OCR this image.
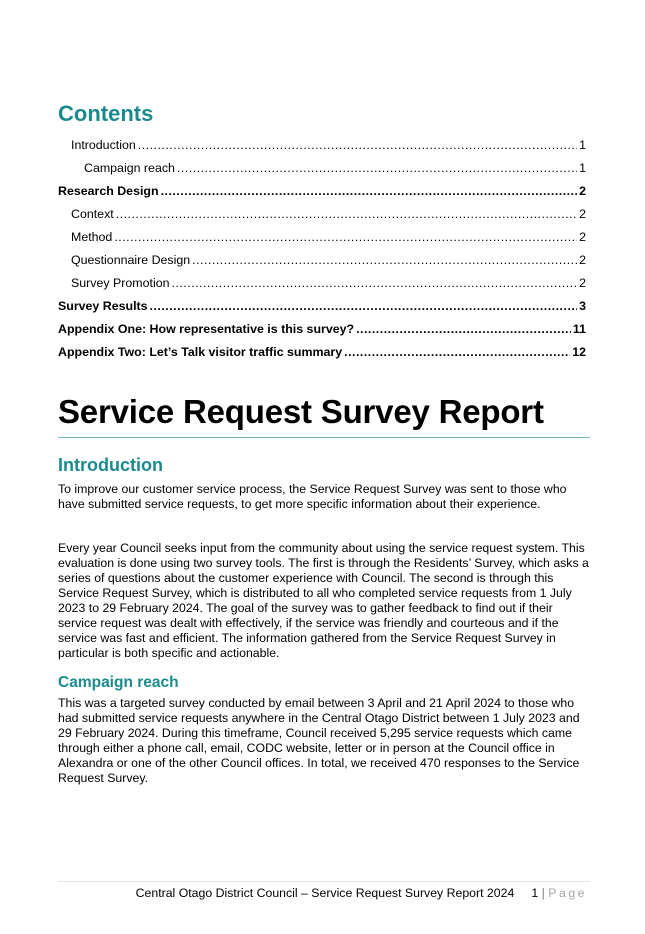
Contents
Introduction .....	1
Campaign reach .....	1
Research Design .....	2
Context .....	2
Method .....	2
Questionnaire Design .....	2
Survey Promotion .....	2
Survey Results .....	3
Appendix One: How representative is this survey? .....	11
Appendix Two: Let’s Talk visitor traffic summary .....	12
Service Request Survey Report
Introduction

To improve our customer service process, the Service Request Survey was sent to those who have submitted service requests, to get more specific information about their experience.

Every year Council seeks input from the community about using the service request system. This evaluation is done using two survey tools. The first is through the Residents’ Survey, which asks a series of questions about the customer experience with Council. The second is through this Service Request Survey, which is distributed to all who completed service requests from 1 July 2023 to 29 February 2024. The goal of the survey was to gather feedback to find out if their service request was dealt with effectively, if the service was friendly and courteous and if the service was fast and efficient. The information gathered from the Service Request Survey in particular is both specific and actionable.

Campaign reach

This was a targeted survey conducted by email between 3 April and 21 April 2024 to those who had submitted service requests anywhere in the Central Otago District between 1 July 2023 and 29 February 2024. During this timeframe, Council received 5,295 service requests which came through either a phone call, email, CODC website, letter or in person at the Council office in Alexandra or one of the other Council offices. In total, we received 470 responses to the Service Request Survey.

Central Otago District Council – Service Request Survey Report 2024 1 | Page
